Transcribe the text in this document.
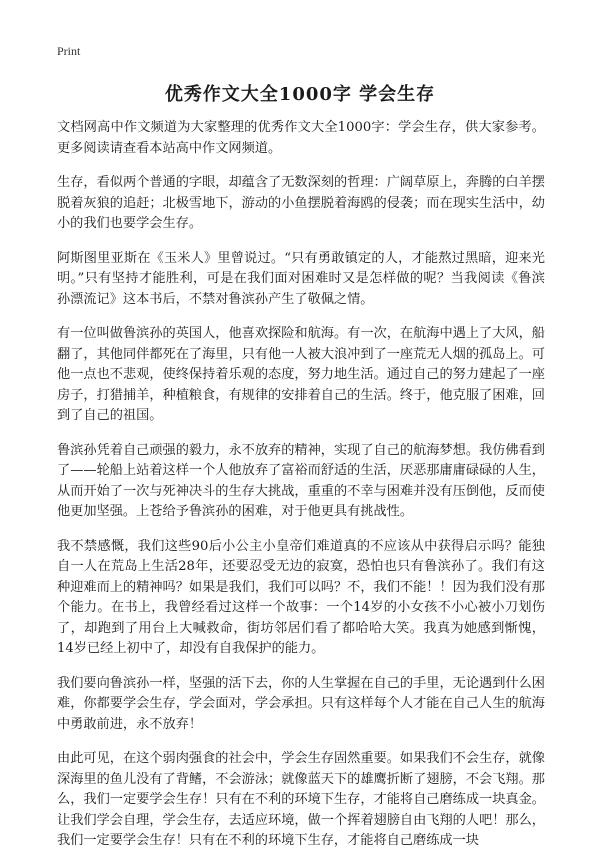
Print
优秀作文大全1000字 学会生存

文档网高中作文频道为大家整理的优秀作文大全1000字：学会生存，供大家参考。更多阅读请查看本站高中作文网频道。

生存，看似两个普通的字眼，却蕴含了无数深刻的哲理：广阔草原上，奔腾的白羊摆脱着灰狼的追赶；北极雪地下，游动的小鱼摆脱着海鸥的侵袭；而在现实生活中，幼小的我们也要学会生存。

阿斯图里亚斯在《玉米人》里曾说过。“只有勇敢镇定的人，才能熬过黑暗，迎来光明。”只有坚持才能胜利，可是在我们面对困难时又是怎样做的呢？当我阅读《鲁滨孙漂流记》这本书后，不禁对鲁滨孙产生了敬佩之情。

有一位叫做鲁滨孙的英国人，他喜欢探险和航海。有一次，在航海中遇上了大风，船翻了，其他同伴都死在了海里，只有他一人被大浪冲到了一座荒无人烟的孤岛上。可他一点也不悲观，使终保持着乐观的态度，努力地生活。通过自己的努力建起了一座房子，打猎捕羊，种植粮食，有规律的安排着自己的生活。终于，他克服了困难，回到了自己的祖国。

鲁滨孙凭着自己顽强的毅力，永不放弃的精神，实现了自己的航海梦想。我仿佛看到了——轮船上站着这样一个人他放弃了富裕而舒适的生活，厌恶那庸庸碌碌的人生，从而开始了一次与死神决斗的生存大挑战，重重的不幸与困难并没有压倒他，反而使他更加坚强。上苍给予鲁滨孙的困难，对于他更具有挑战性。

我不禁感慨，我们这些90后小公主小皇帝们难道真的不应该从中获得启示吗？能独自一人在荒岛上生活28年，还要忍受无边的寂寞，恐怕也只有鲁滨孙了。我们有这种迎难而上的精神吗？如果是我们，我们可以吗？不，我们不能！！因为我们没有那个能力。在书上，我曾经看过这样一个故事：一个14岁的小女孩不小心被小刀划伤了，却跑到了用台上大喊救命，街坊邻居们看了都哈哈大笑。我真为她感到惭愧，14岁已经上初中了，却没有自我保护的能力。

我们要向鲁滨孙一样，坚强的活下去，你的人生掌握在自己的手里，无论遇到什么困难，你都要学会生存，学会面对，学会承担。只有这样每个人才能在自己人生的航海中勇敢前进，永不放弃！

由此可见，在这个弱肉强食的社会中，学会生存固然重要。如果我们不会生存，就像深海里的鱼儿没有了背鳍，不会游泳；就像蓝天下的雄鹰折断了翅膀，不会飞翔。那么，我们一定要学会生存！只有在不利的环境下生存，才能将自己磨练成一块真金。让我们学会自理，学会生存，去适应环境，做一个挥着翅膀自由飞翔的人吧！那么，我们一定要学会生存！只有在不利的环境下生存，才能将自己磨练成一块
